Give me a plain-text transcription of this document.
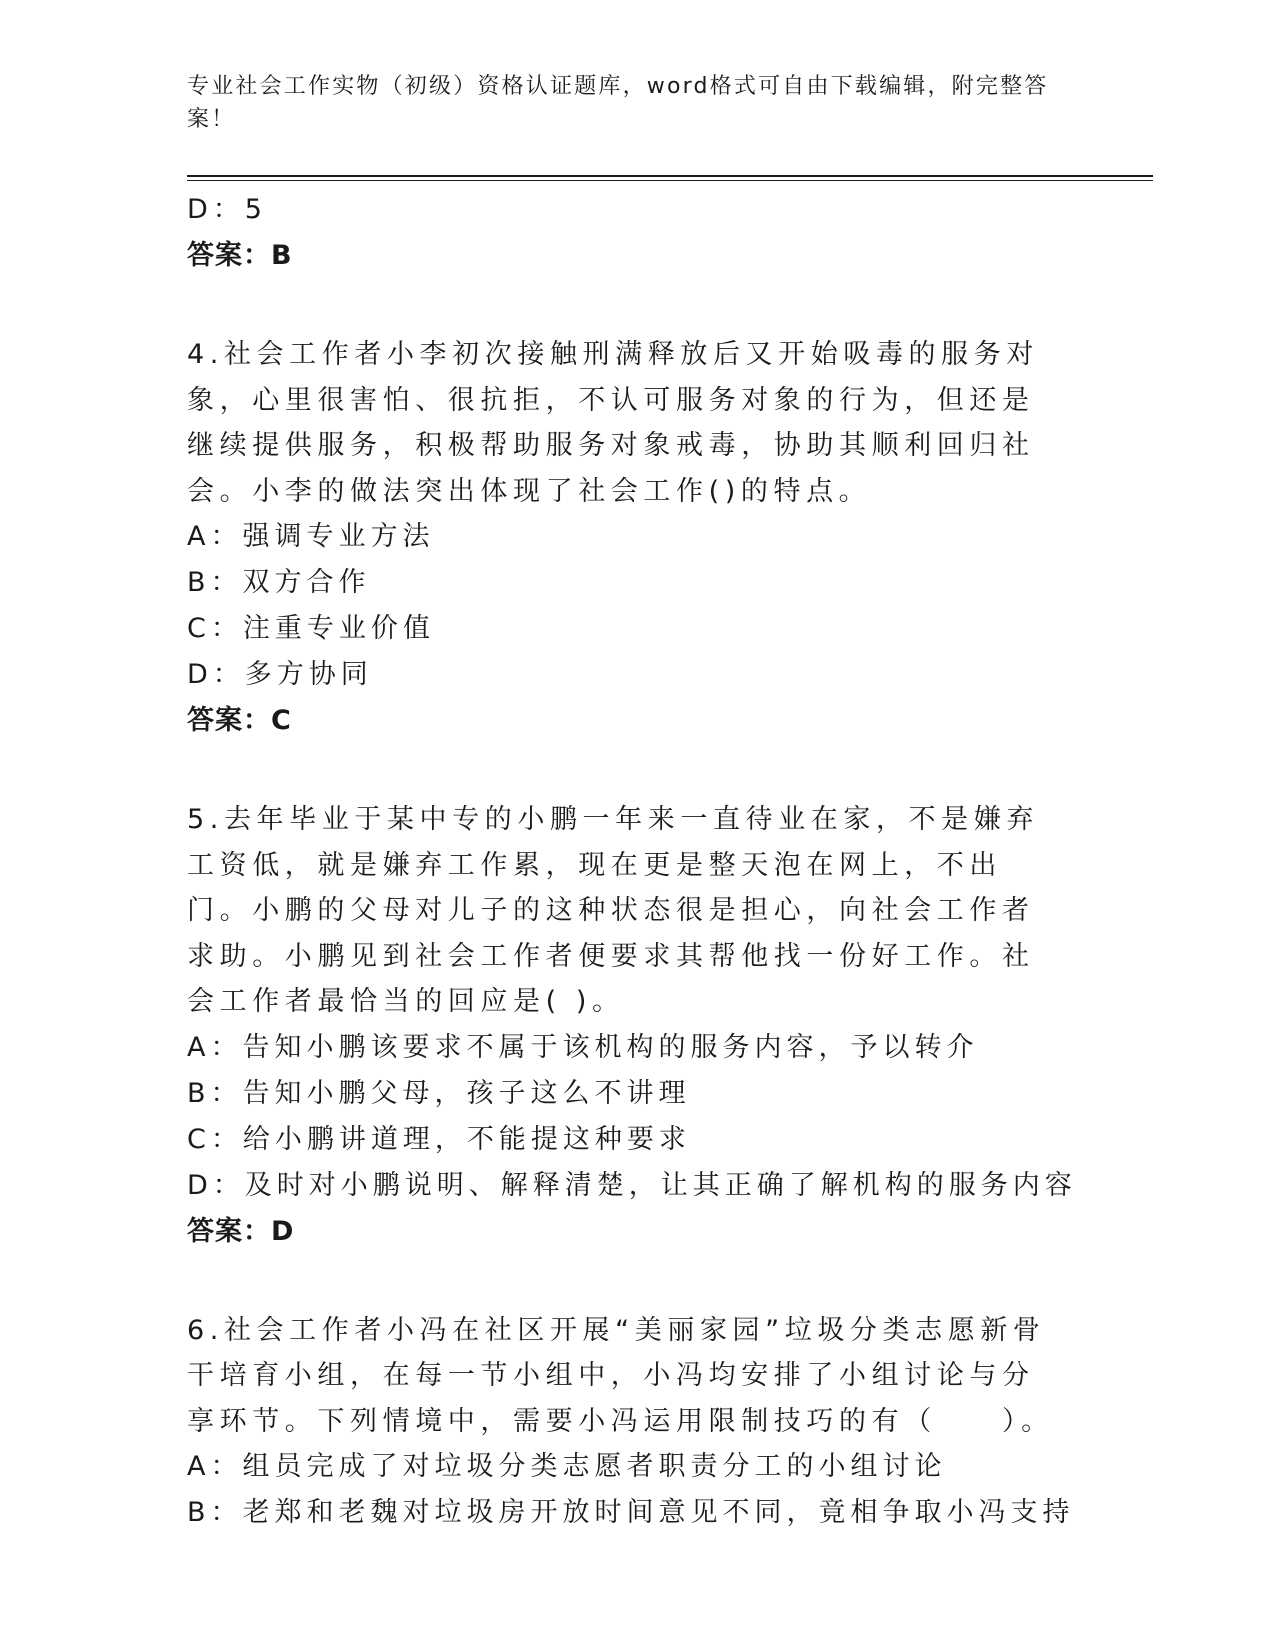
专业社会工作实物（初级）资格认证题库，word格式可自由下载编辑，附完整答案！
D：5
答案：B
4.社会工作者小李初次接触刑满释放后又开始吸毒的服务对象，心里很害怕、很抗拒，不认可服务对象的行为，但还是继续提供服务，积极帮助服务对象戒毒，协助其顺利回归社会。小李的做法突出体现了社会工作()的特点。
A：强调专业方法
B：双方合作
C：注重专业价值
D：多方协同
答案：C
5.去年毕业于某中专的小鹏一年来一直待业在家，不是嫌弃工资低，就是嫌弃工作累，现在更是整天泡在网上，不出门。小鹏的父母对儿子的这种状态很是担心，向社会工作者求助。小鹏见到社会工作者便要求其帮他找一份好工作。社会工作者最恰当的回应是( )。
A：告知小鹏该要求不属于该机构的服务内容，予以转介
B：告知小鹏父母，孩子这么不讲理
C：给小鹏讲道理，不能提这种要求
D：及时对小鹏说明、解释清楚，让其正确了解机构的服务内容
答案：D
6.社会工作者小冯在社区开展“美丽家园”垃圾分类志愿新骨干培育小组，在每一节小组中，小冯均安排了小组讨论与分享环节。下列情境中，需要小冯运用限制技巧的有（　　）。
A：组员完成了对垃圾分类志愿者职责分工的小组讨论
B：老郑和老魏对垃圾房开放时间意见不同，竟相争取小冯支持
